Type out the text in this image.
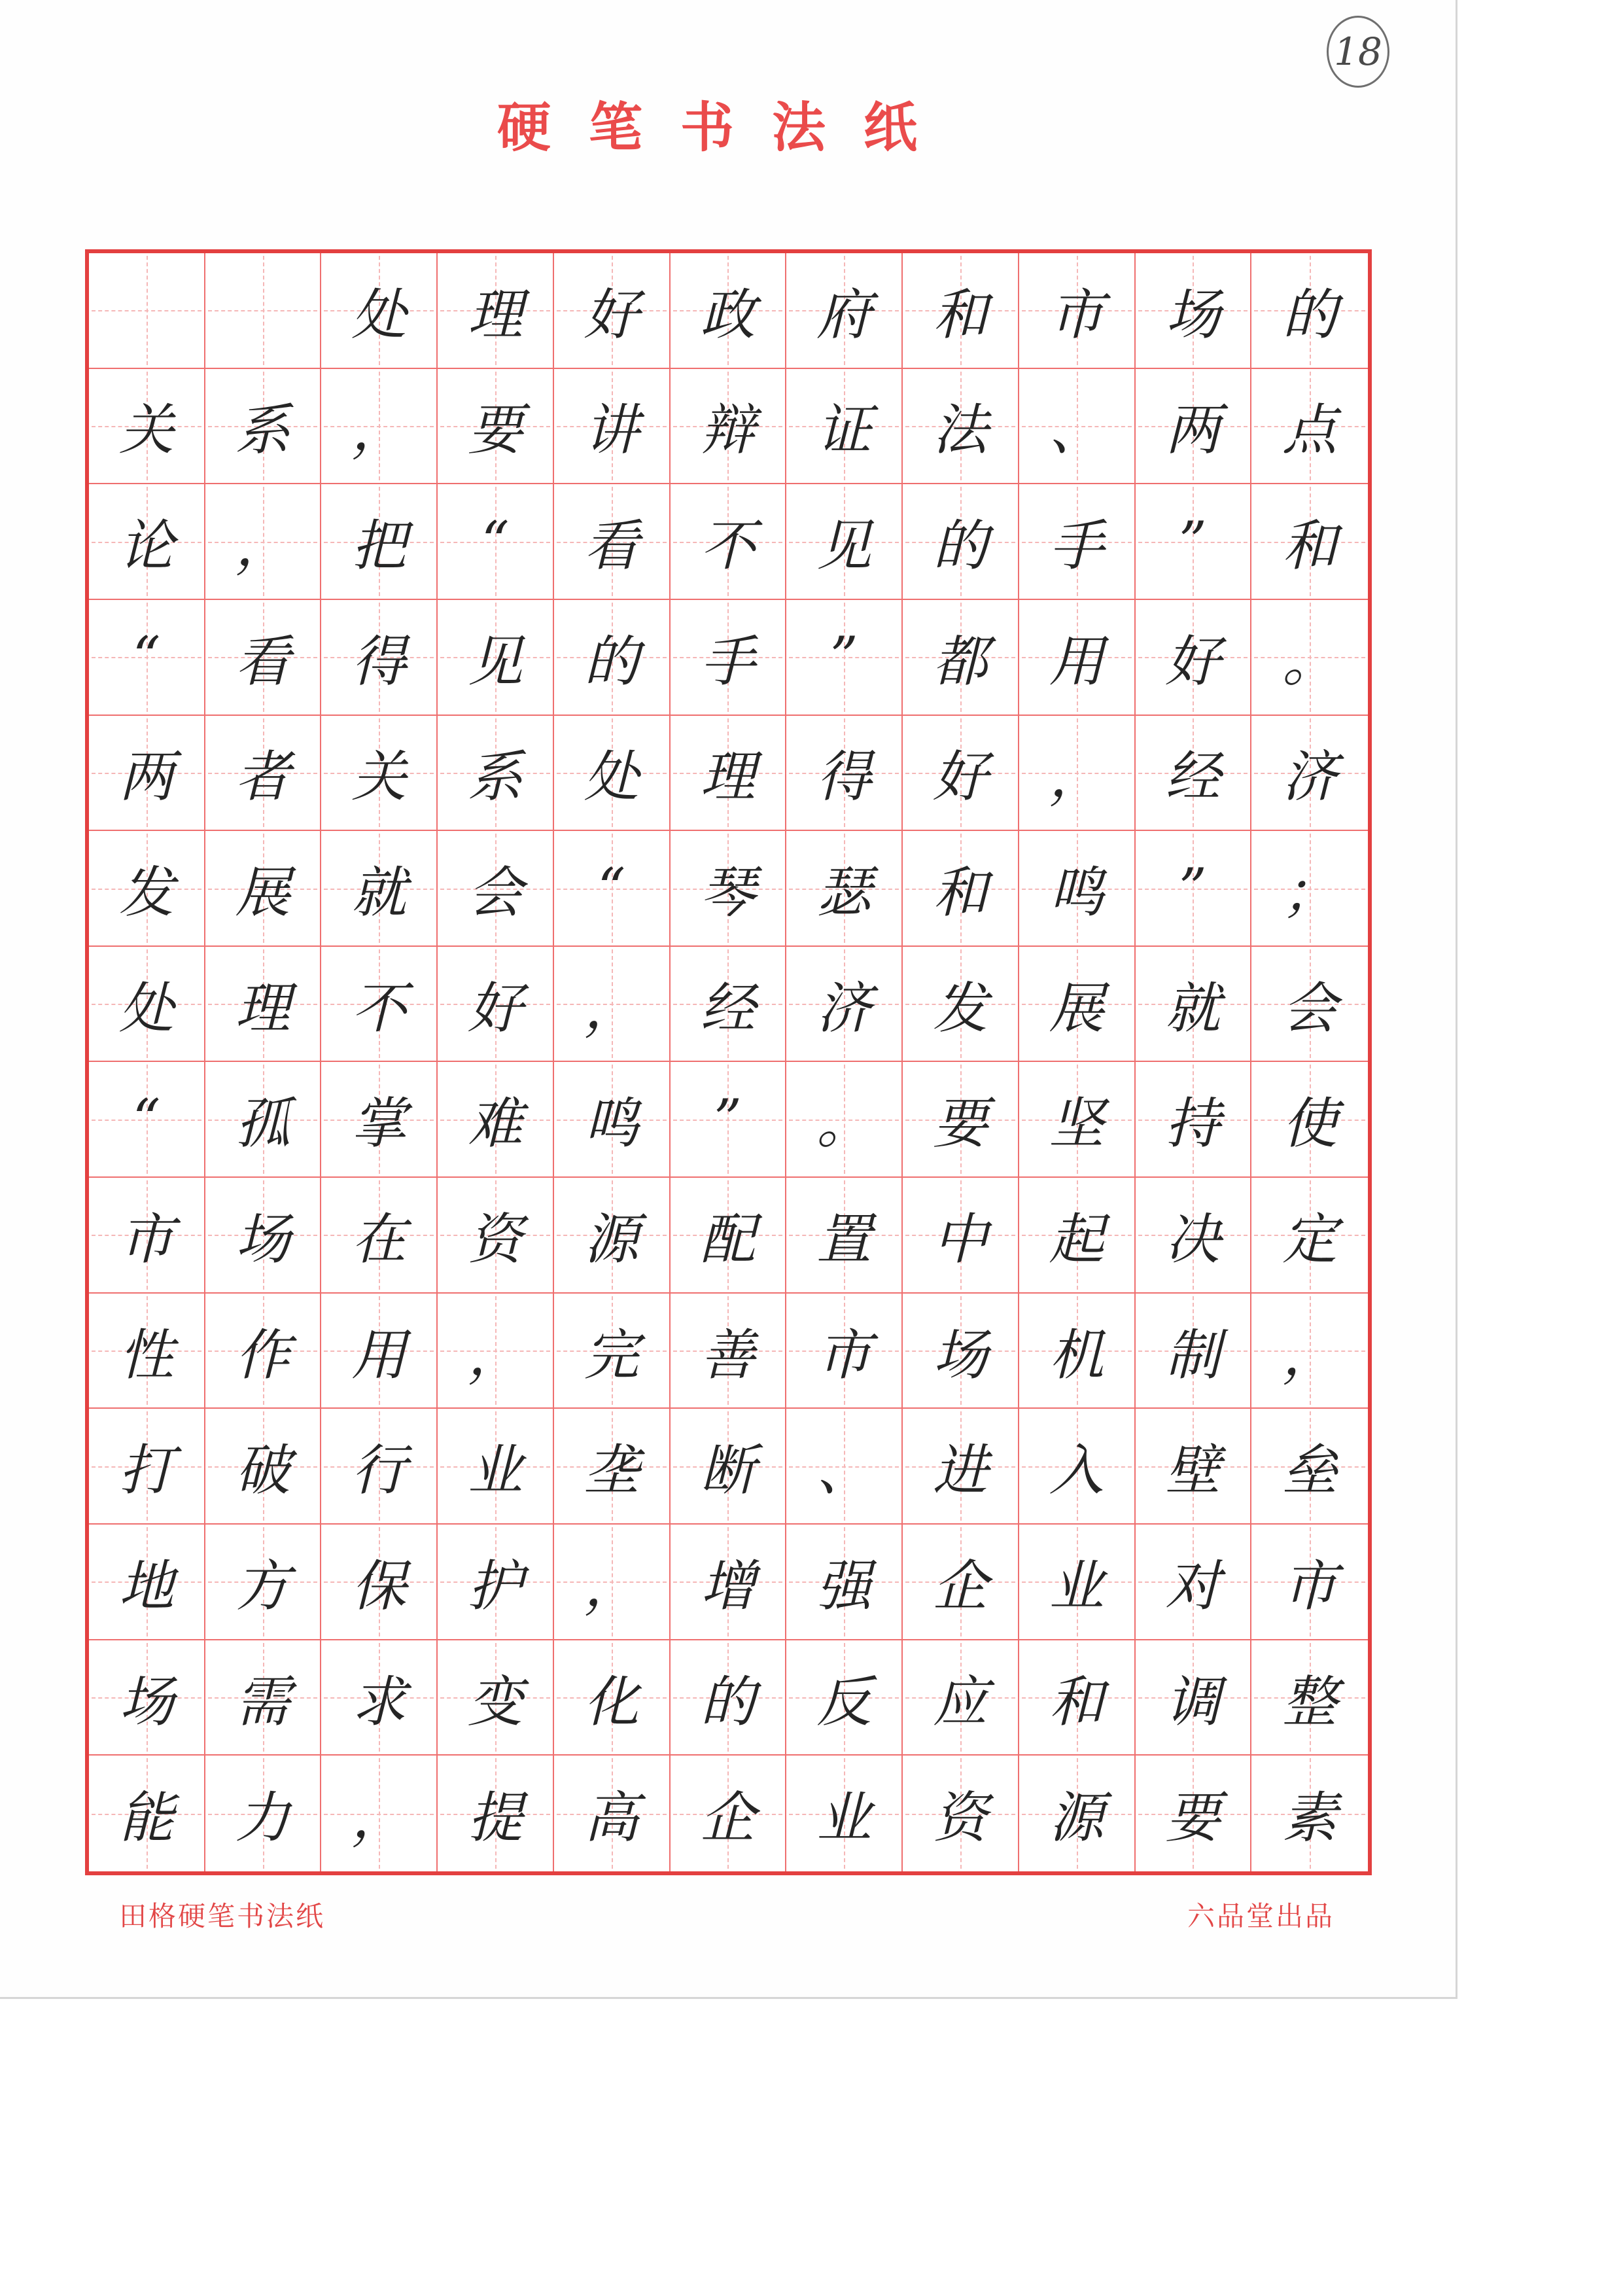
硬笔书法纸
18
处 理 好 政 府 和 市 场 的
关 系 ， 要 讲 辩 证 法 、 两 点
论 ， 把 “ 看 不 见 的 手 ” 和
“ 看 得 见 的 手 ” 都 用 好 。
两 者 关 系 处 理 得 好 ， 经 济
发 展 就 会 “ 琴 瑟 和 鸣 ” ；
处 理 不 好 ， 经 济 发 展 就 会
“ 孤 掌 难 鸣 ” 。 要 坚 持 使
市 场 在 资 源 配 置 中 起 决 定
性 作 用 ， 完 善 市 场 机 制 ，
打 破 行 业 垄 断 、 进 入 壁 垒
地 方 保 护 ， 增 强 企 业 对 市
场 需 求 变 化 的 反 应 和 调 整
能 力 ， 提 高 企 业 资 源 要 素
田格硬笔书法纸	六品堂出品
